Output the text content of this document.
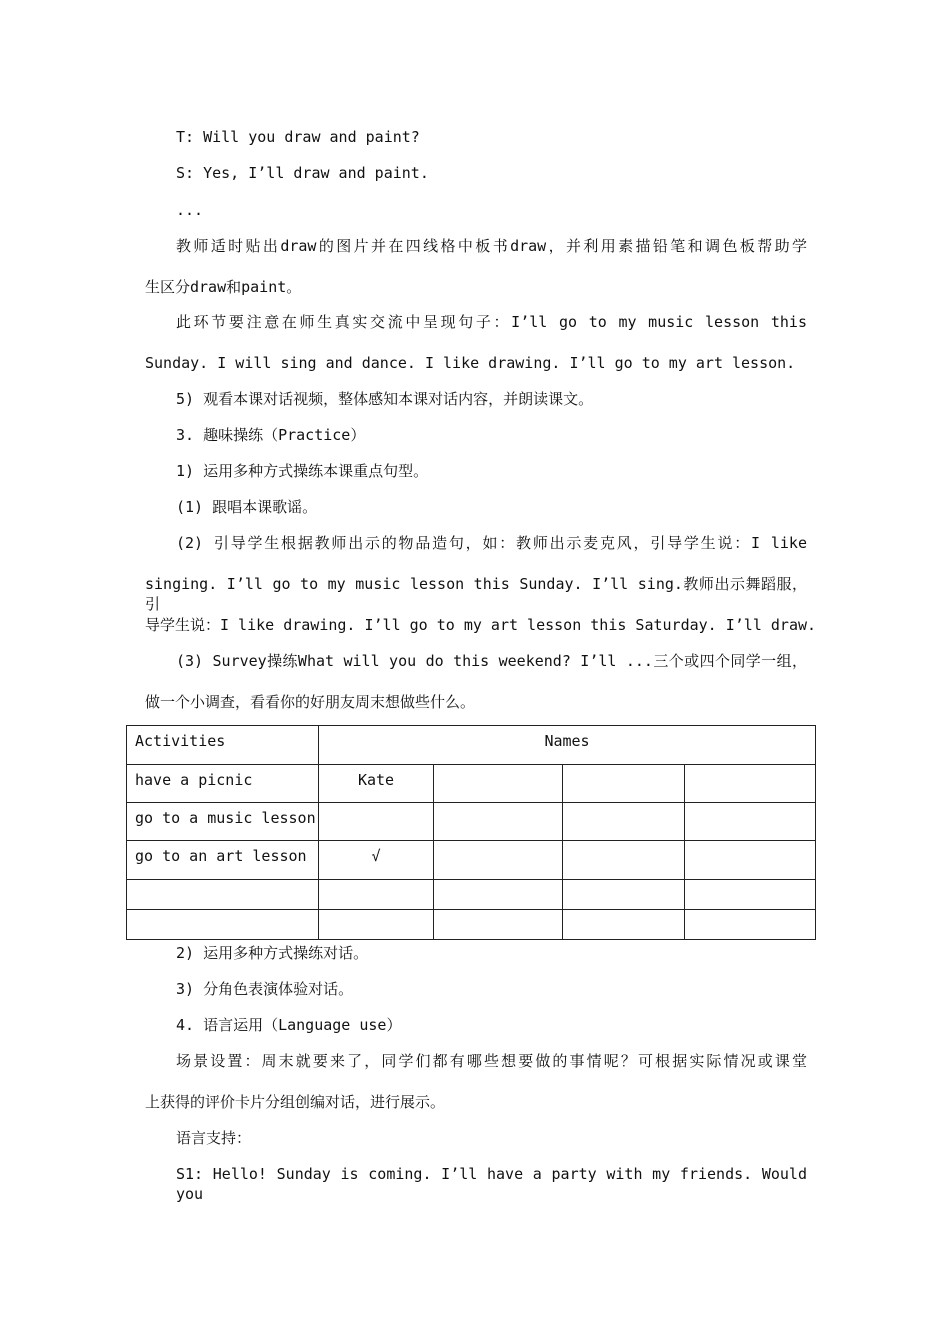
T: Will you draw and paint?
S: Yes, I’ll draw and paint.
...
教师适时贴出draw的图片并在四线格中板书draw，并利用素描铅笔和调色板帮助学
生区分draw和paint。
此环节要注意在师生真实交流中呈现句子：I’ll go to my music lesson this
Sunday. I will sing and dance. I like drawing. I’ll go to my art lesson.
5) 观看本课对话视频，整体感知本课对话内容，并朗读课文。
3. 趣味操练（Practice）
1) 运用多种方式操练本课重点句型。
(1) 跟唱本课歌谣。
(2) 引导学生根据教师出示的物品造句，如：教师出示麦克风，引导学生说：I like
singing. I’ll go to my music lesson this Sunday. I’ll sing.教师出示舞蹈服，引
导学生说：I like drawing. I’ll go to my art lesson this Saturday. I’ll draw.
(3) Survey操练What will you do this weekend? I’ll ...三个或四个同学一组，
做一个小调查，看看你的好朋友周末想做些什么。
Activities	Names			
have a picnic	Kate			
go to a music lesson				
go to an art lesson	√			

2) 运用多种方式操练对话。
3) 分角色表演体验对话。
4. 语言运用（Language use）
场景设置：周末就要来了，同学们都有哪些想要做的事情呢？可根据实际情况或课堂
上获得的评价卡片分组创编对话，进行展示。
语言支持：
S1: Hello! Sunday is coming. I’ll have a party with my friends. Would you
